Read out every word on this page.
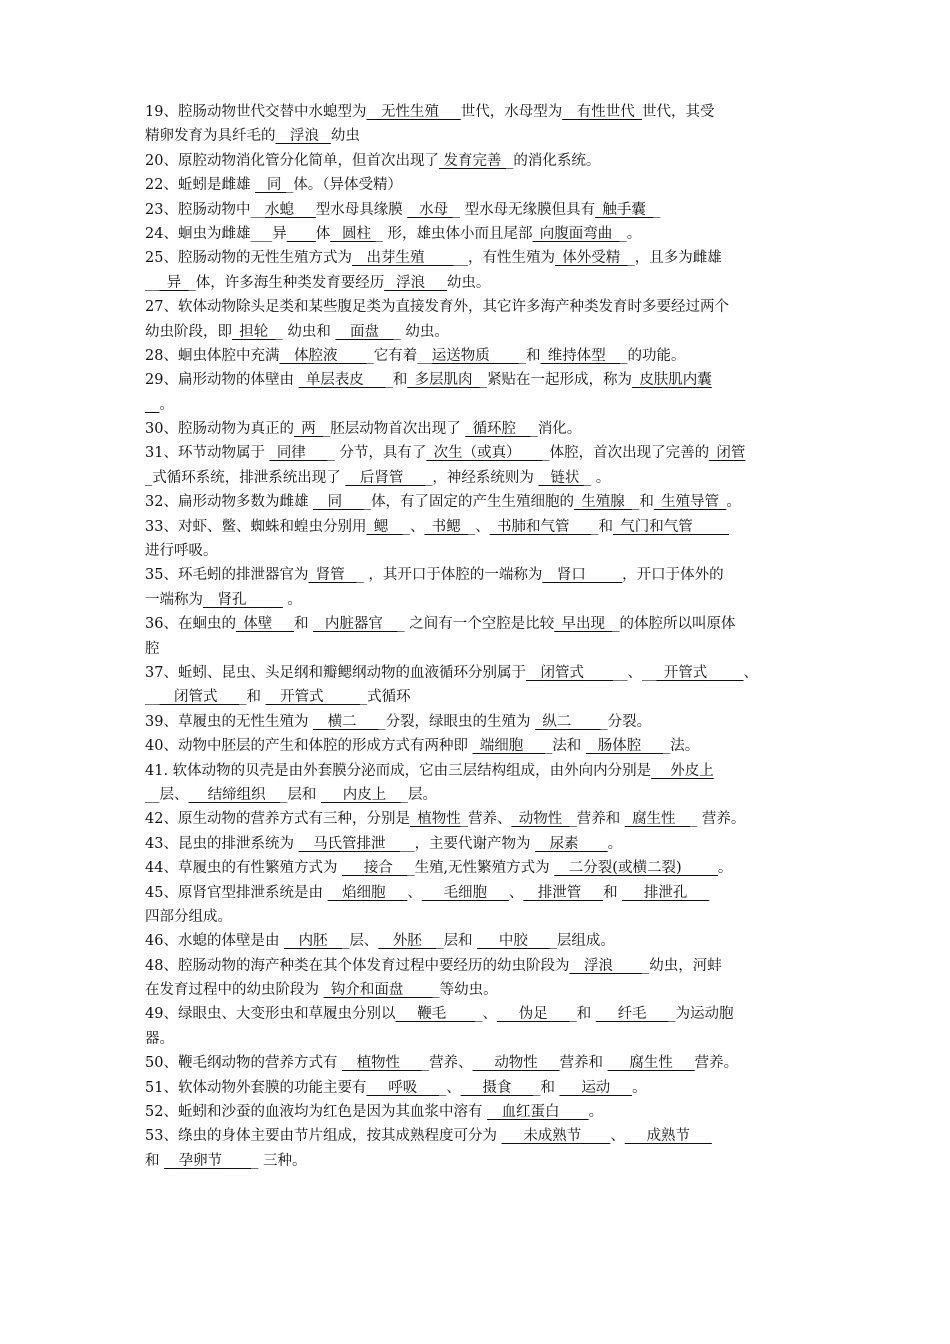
19、腔肠动物世代交替中水螅型为__无性生殖___世代，水母型为__有性世代_世代，其受
精卵发育为具纤毛的__浮浪 _幼虫
20、原腔动物消化管分化简单，但首次出现了 发育完善 _的消化系统。
22、蚯蚓是雌雄 _ 同 _体。（异体受精）
23、腔肠动物中__水螅___型水母具缘膜 _ 水母 _ 型水母无缘膜但具有_触手囊__
24、蛔虫为雌雄___异____体_ 圆柱 _ 形，雄虫体小而且尾部_向腹面弯曲__。
25、腔肠动物的无性生殖方式为__出芽生殖______，有性生殖为_体外受精__，且多为雌雄
___异__体，许多海生种类发育要经历_ 浮浪___幼虫。
27、软体动物除头足类和某些腹足类为直接发育外，其它许多海产种类发育时多要经过两个
幼虫阶段，即_担轮__ 幼虫和 __面盘___ 幼虫。
28、蛔虫体腔中充满__体腔液_____它有着__运送物质_____和_维持体型___的功能。
29、扁形动物的体壁由 _单层表皮____和_多层肌肉__紧贴在一起形成，称为_皮肤肌内囊
__。
30、腔肠动物为真正的_两__胚层动物首次出现了 _循环腔___消化。
31、环节动物属于 _同律____ 分节，具有了_次生（或真）____体腔，首次出现了完善的_闭管
_式循环系统，排泄系统出现了 __后肾管____，神经系统则为 _ 链状 _ 。
32、扁形动物多数为雌雄 __同____体，有了固定的产生生殖细胞的_生殖腺__和_生殖导管_。
33、对虾、鳖、蜘蛛和蝗虫分别用_鳃___、_书鳃__、_书肺和气管____和_气门和气管_____
进行呼吸。
35、环毛蚓的排泄器官为_肾管 __ ，其开口于体腔的一端称为__肾口_____，开口于体外的
一端称为__肾孔_____ 。
36、在蛔虫的_体壁___和 _ 内脏器官___ 之间有一个空腔是比较_早出现__的体腔所以叫原体
腔
37、蚯蚓、昆虫、头足纲和瓣鳃纲动物的血液循环分别属于__闭管式______、___开管式_____、
____闭管式____和 __开管式______式循环
39、草履虫的无性生殖为 __横二____分裂，绿眼虫的生殖为 _纵二_____分裂。
40、动物中胚层的产生和体腔的形成方式有两种即 _端细胞____法和 _ 肠体腔____法。
41. 软体动物的贝壳是由外套膜分泌而成，它由三层结构组成，由外向内分别是 __外皮上
__层、__ 结缔组织___层和 ___内皮上___层。
42、原生动物的营养方式有三种，分别是_植物性_营养、_动物性__营养和 _腐生性___ 营养。
43、昆虫的排泄系统为 __马氏管排泄____，主要代谢产物为 __尿素____。
44、草履虫的有性繁殖方式为 ___接合___生殖,无性繁殖方式为 __二分裂(或横二裂)_____。
45、原肾官型排泄系统是由 __焰细胞___、___毛细胞___、__排泄管___和 ___排泄孔___
四部分组成。
46、水螅的体壁是由 __内胚___层、__外胚___层和 ___中胶____层组成。
48、腔肠动物的海产种类在其个体发育过程中要经历的幼虫阶段为__浮浪_____幼虫，河蚌
在发育过程中的幼虫阶段为 _钩介和面盘_____等幼虫。
49、绿眼虫、大变形虫和草履虫分别以___鞭毛_____、___伪足____和 ___纤毛____为运动胞
器。
50、鞭毛纲动物的营养方式有 __植物性____营养、___动物性___营养和 ___腐生性___营养。
51、软体动物外套膜的功能主要有___呼吸____、___摄食____和 ___运动___。
52、蚯蚓和沙蚕的血液均为红色是因为其血浆中溶有 __血红蛋白____。
53、绦虫的身体主要由节片组成，按其成熟程度可分为 ___未成熟节____、___成熟节___
和 __孕卵节_____ 三种。
